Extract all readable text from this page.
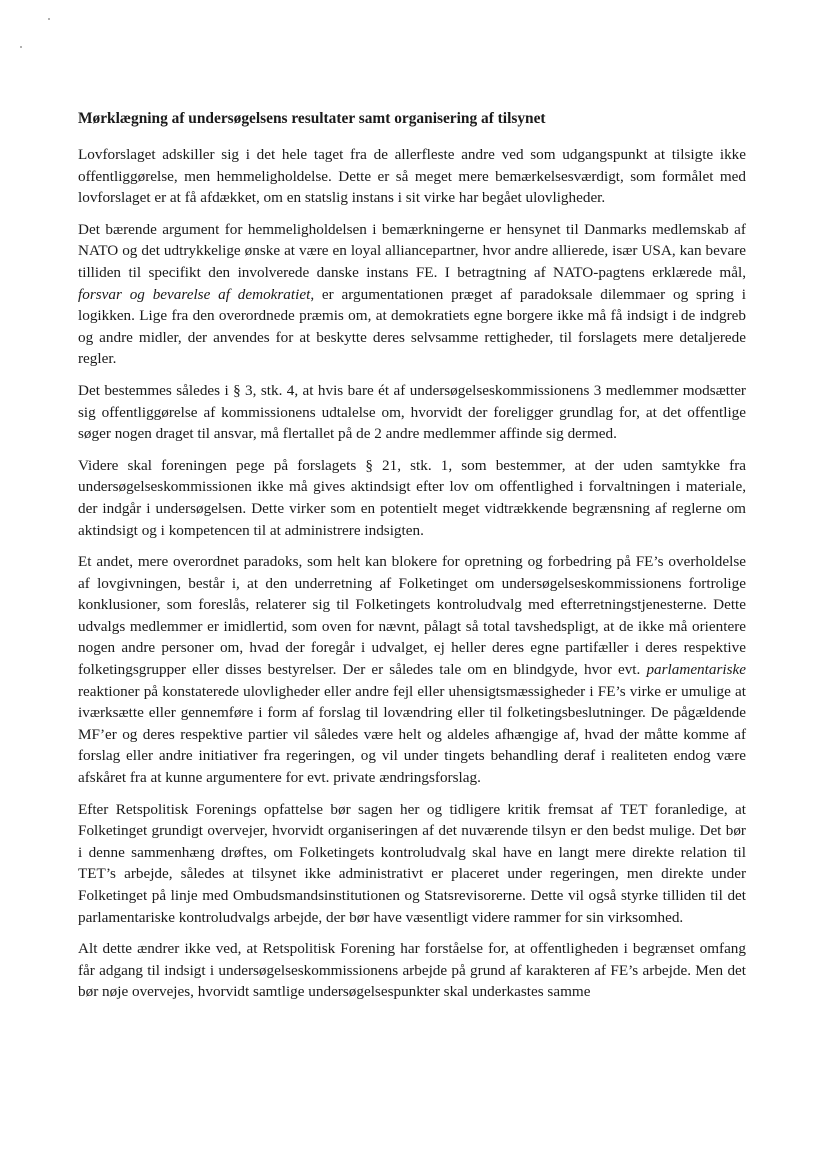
Mørklægning af undersøgelsens resultater samt organisering af tilsynet

Lovforslaget adskiller sig i det hele taget fra de allerfleste andre ved som udgangspunkt at tilsigte ikke offentliggørelse, men hemmeligholdelse. Dette er så meget mere bemærkelsesværdigt, som formålet med lovforslaget er at få afdækket, om en statslig instans i sit virke har begået ulovligheder.

Det bærende argument for hemmeligholdelsen i bemærkningerne er hensynet til Danmarks medlemskab af NATO og det udtrykkelige ønske at være en loyal alliancepartner, hvor andre allierede, især USA, kan bevare tilliden til specifikt den involverede danske instans FE. I betragtning af NATO-pagtens erklærede mål, forsvar og bevarelse af demokratiet, er argumentationen præget af paradoksale dilemmaer og spring i logikken. Lige fra den overordnede præmis om, at demokratiets egne borgere ikke må få indsigt i de indgreb og andre midler, der anvendes for at beskytte deres selvsamme rettigheder, til forslagets mere detaljerede regler.

Det bestemmes således i § 3, stk. 4, at hvis bare ét af undersøgelseskommissionens 3 medlemmer modsætter sig offentliggørelse af kommissionens udtalelse om, hvorvidt der foreligger grundlag for, at det offentlige søger nogen draget til ansvar, må flertallet på de 2 andre medlemmer affinde sig dermed.

Videre skal foreningen pege på forslagets § 21, stk. 1, som bestemmer, at der uden samtykke fra undersøgelseskommissionen ikke må gives aktindsigt efter lov om offentlighed i forvaltningen i materiale, der indgår i undersøgelsen. Dette virker som en potentielt meget vidtrækkende begrænsning af reglerne om aktindsigt og i kompetencen til at administrere indsigten.

Et andet, mere overordnet paradoks, som helt kan blokere for opretning og forbedring på FE’s overholdelse af lovgivningen, består i, at den underretning af Folketinget om undersøgelseskommissionens fortrolige konklusioner, som foreslås, relaterer sig til Folketingets kontroludvalg med efterretningstjenesterne. Dette udvalgs medlemmer er imidlertid, som oven for nævnt, pålagt så total tavshedspligt, at de ikke må orientere nogen andre personer om, hvad der foregår i udvalget, ej heller deres egne partifæller i deres respektive folketingsgrupper eller disses bestyrelser. Der er således tale om en blindgyde, hvor evt. parlamentariske reaktioner på konstaterede ulovligheder eller andre fejl eller uhensigtsmæssigheder i FE’s virke er umulige at iværksætte eller gennemføre i form af forslag til lovændring eller til folketingsbeslutninger. De pågældende MF’er og deres respektive partier vil således være helt og aldeles afhængige af, hvad der måtte komme af forslag eller andre initiativer fra regeringen, og vil under tingets behandling deraf i realiteten endog være afskåret fra at kunne argumentere for evt. private ændringsforslag.

Efter Retspolitisk Forenings opfattelse bør sagen her og tidligere kritik fremsat af TET foranledige, at Folketinget grundigt overvejer, hvorvidt organiseringen af det nuværende tilsyn er den bedst mulige. Det bør i denne sammenhæng drøftes, om Folketingets kontroludvalg skal have en langt mere direkte relation til TET’s arbejde, således at tilsynet ikke administrativt er placeret under regeringen, men direkte under Folketinget på linje med Ombudsmandsinstitutionen og Statsrevisorerne. Dette vil også styrke tilliden til det parlamentariske kontroludvalgs arbejde, der bør have væsentligt videre rammer for sin virksomhed.

Alt dette ændrer ikke ved, at Retspolitisk Forening har forståelse for, at offentligheden i begrænset omfang får adgang til indsigt i undersøgelseskommissionens arbejde på grund af karakteren af FE’s arbejde. Men det bør nøje overvejes, hvorvidt samtlige undersøgelsespunkter skal underkastes samme
